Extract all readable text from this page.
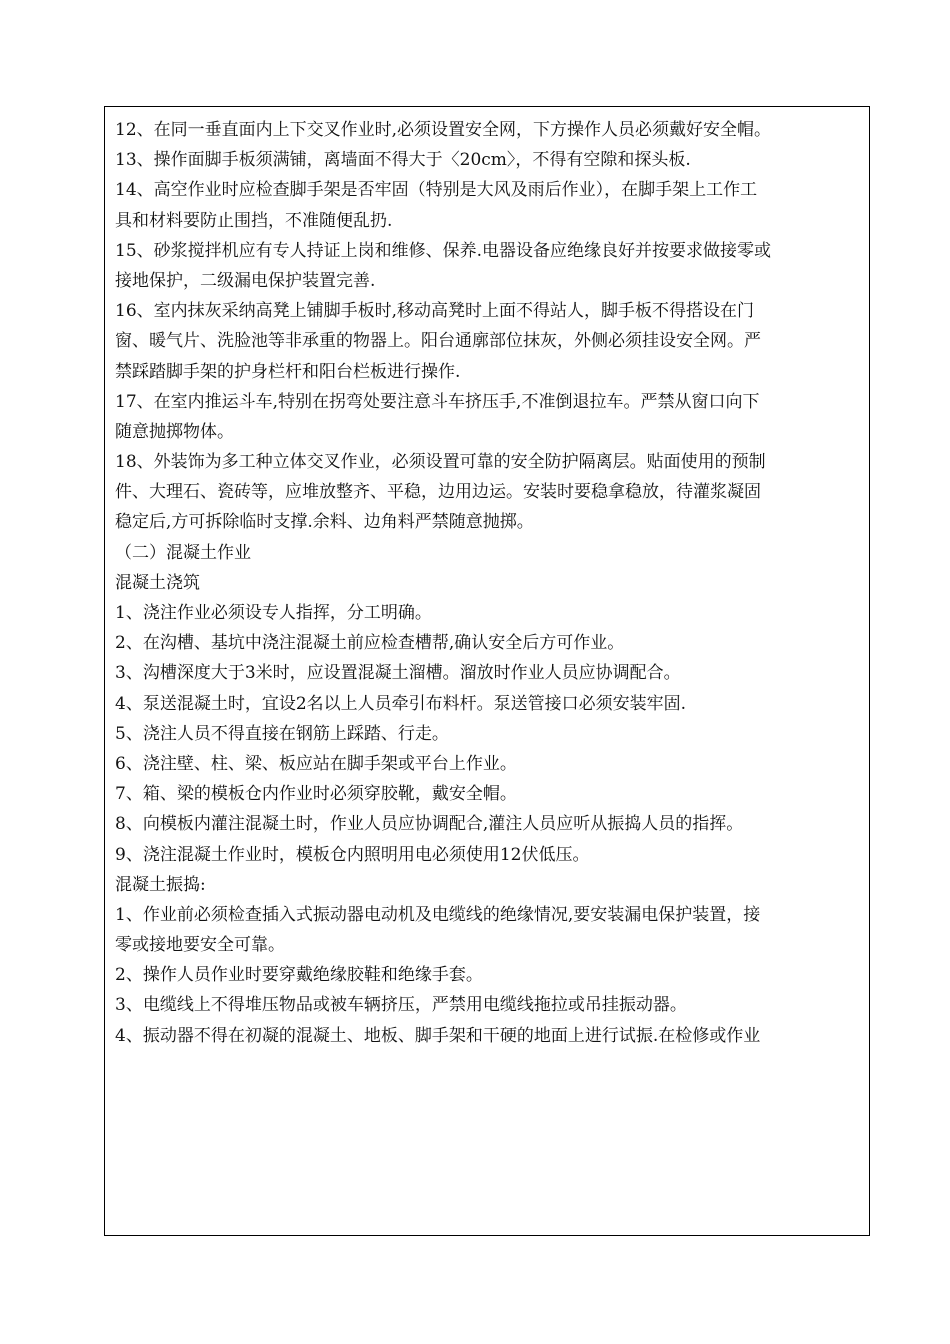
12、在同一垂直面内上下交叉作业时,必须设置安全网，下方操作人员必须戴好安全帽。
13、操作面脚手板须满铺，离墙面不得大于〈20cm〉，不得有空隙和探头板.
14、高空作业时应检查脚手架是否牢固（特别是大风及雨后作业），在脚手架上工作工
具和材料要防止围挡，不准随便乱扔.
15、砂浆搅拌机应有专人持证上岗和维修、保养.电器设备应绝缘良好并按要求做接零或
接地保护，二级漏电保护装置完善.
16、室内抹灰采纳高凳上铺脚手板时,移动高凳时上面不得站人，脚手板不得搭设在门
窗、暖气片、洗脸池等非承重的物器上。阳台通廓部位抹灰，外侧必须挂设安全网。严
禁踩踏脚手架的护身栏杆和阳台栏板进行操作.
17、在室内推运斗车,特别在拐弯处要注意斗车挤压手,不准倒退拉车。严禁从窗口向下
随意抛掷物体。
18、外装饰为多工种立体交叉作业，必须设置可靠的安全防护隔离层。贴面使用的预制
件、大理石、瓷砖等，应堆放整齐、平稳，边用边运。安装时要稳拿稳放，待灌浆凝固
稳定后,方可拆除临时支撑.余料、边角料严禁随意抛掷。
（二）混凝土作业
混凝土浇筑
1、浇注作业必须设专人指挥，分工明确。
2、在沟槽、基坑中浇注混凝土前应检查槽帮,确认安全后方可作业。
3、沟槽深度大于3米时，应设置混凝土溜槽。溜放时作业人员应协调配合。
4、泵送混凝土时，宜设2名以上人员牵引布料杆。泵送管接口必须安装牢固.
5、浇注人员不得直接在钢筋上踩踏、行走。
6、浇注壁、柱、梁、板应站在脚手架或平台上作业。
7、箱、梁的模板仓内作业时必须穿胶靴，戴安全帽。
8、向模板内灌注混凝土时，作业人员应协调配合,灌注人员应听从振捣人员的指挥。
9、浇注混凝土作业时，模板仓内照明用电必须使用12伏低压。
混凝土振捣:
1、作业前必须检查插入式振动器电动机及电缆线的绝缘情况,要安装漏电保护装置，接
零或接地要安全可靠。
2、操作人员作业时要穿戴绝缘胶鞋和绝缘手套。
3、电缆线上不得堆压物品或被车辆挤压，严禁用电缆线拖拉或吊挂振动器。
4、振动器不得在初凝的混凝土、地板、脚手架和干硬的地面上进行试振.在检修或作业
